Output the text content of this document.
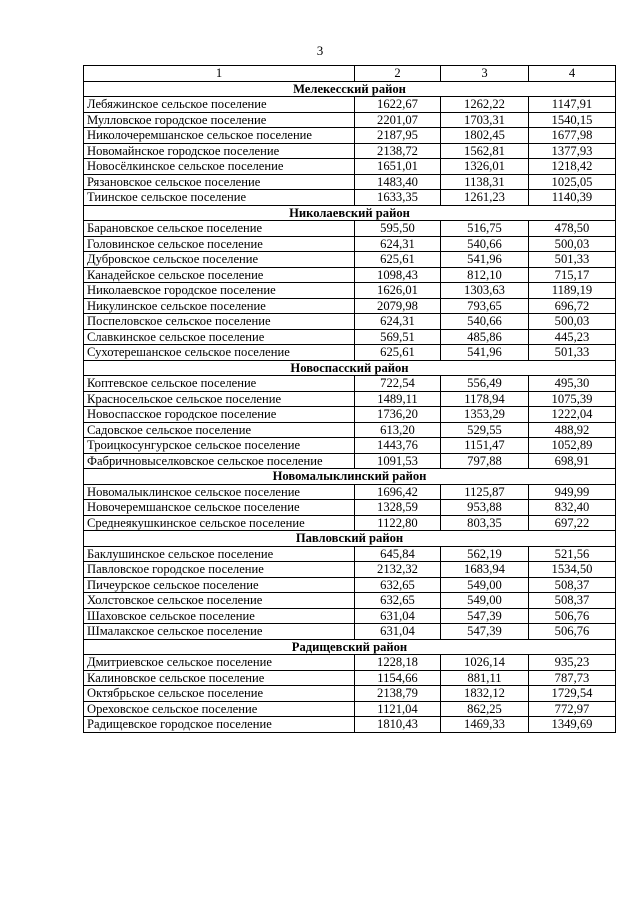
3
1	2	3	4
Мелекесский район			
Лебяжинское сельское поселение	1622,67	1262,22	1147,91
Мулловское городское поселение	2201,07	1703,31	1540,15
Николочеремшанское сельское поселение	2187,95	1802,45	1677,98
Новомайнское городское поселение	2138,72	1562,81	1377,93
Новосёлкинское сельское поселение	1651,01	1326,01	1218,42
Рязановское сельское поселение	1483,40	1138,31	1025,05
Тиинское сельское поселение	1633,35	1261,23	1140,39
Николаевский район			
Барановское сельское поселение	595,50	516,75	478,50
Головинское сельское поселение	624,31	540,66	500,03
Дубровское сельское поселение	625,61	541,96	501,33
Канадейское сельское поселение	1098,43	812,10	715,17
Николаевское городское поселение	1626,01	1303,63	1189,19
Никулинское сельское поселение	2079,98	793,65	696,72
Поспеловское сельское поселение	624,31	540,66	500,03
Славкинское сельское поселение	569,51	485,86	445,23
Сухотерешанское сельское поселение	625,61	541,96	501,33
Новоспасский район			
Коптевское сельское поселение	722,54	556,49	495,30
Красносельское сельское поселение	1489,11	1178,94	1075,39
Новоспасское городское поселение	1736,20	1353,29	1222,04
Садовское сельское поселение	613,20	529,55	488,92
Троицкосунгурское сельское поселение	1443,76	1151,47	1052,89
Фабричновыселковское сельское поселение	1091,53	797,88	698,91
Новомалыклинский район			
Новомалыклинское сельское поселение	1696,42	1125,87	949,99
Новочеремшанское сельское поселение	1328,59	953,88	832,40
Среднеякушкинское сельское поселение	1122,80	803,35	697,22
Павловский район			
Баклушинское сельское поселение	645,84	562,19	521,56
Павловское городское поселение	2132,32	1683,94	1534,50
Пичеурское сельское поселение	632,65	549,00	508,37
Холстовское сельское поселение	632,65	549,00	508,37
Шаховское сельское поселение	631,04	547,39	506,76
Шмалакское сельское поселение	631,04	547,39	506,76
Радищевский район			
Дмитриевское сельское поселение	1228,18	1026,14	935,23
Калиновское сельское поселение	1154,66	881,11	787,73
Октябрьское сельское поселение	2138,79	1832,12	1729,54
Ореховское сельское поселение	1121,04	862,25	772,97
Радищевское городское поселение	1810,43	1469,33	1349,69
